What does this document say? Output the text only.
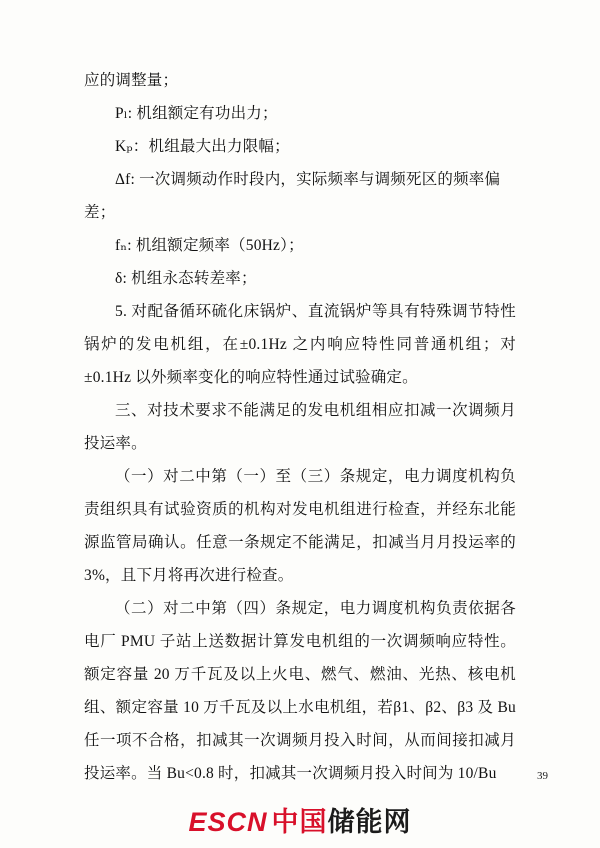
应的调整量；

Pₗ: 机组额定有功出力；

Kₚ：机组最大出力限幅；

Δf: 一次调频动作时段内，实际频率与调频死区的频率偏

差；

fₙ: 机组额定频率（50Hz）；

δ: 机组永态转差率；

5. 对配备循环硫化床锅炉、直流锅炉等具有特殊调节特性锅炉的发电机组，在±0.1Hz 之内响应特性同普通机组；对±0.1Hz 以外频率变化的响应特性通过试验确定。

三、对技术要求不能满足的发电机组相应扣减一次调频月投运率。

（一）对二中第（一）至（三）条规定，电力调度机构负责组织具有试验资质的机构对发电机组进行检查，并经东北能源监管局确认。任意一条规定不能满足，扣减当月月投运率的3%，且下月将再次进行检查。

（二）对二中第（四）条规定，电力调度机构负责依据各电厂 PMU 子站上送数据计算发电机组的一次调频响应特性。额定容量 20 万千瓦及以上火电、燃气、燃油、光热、核电机组、额定容量 10 万千瓦及以上水电机组，若β1、β2、β3 及 Bu 任一项不合格，扣减其一次调频月投入时间，从而间接扣减月投运率。当 Bu<0.8 时，扣减其一次调频月投入时间为 10/Bu	39
ESCN 中国储能网
